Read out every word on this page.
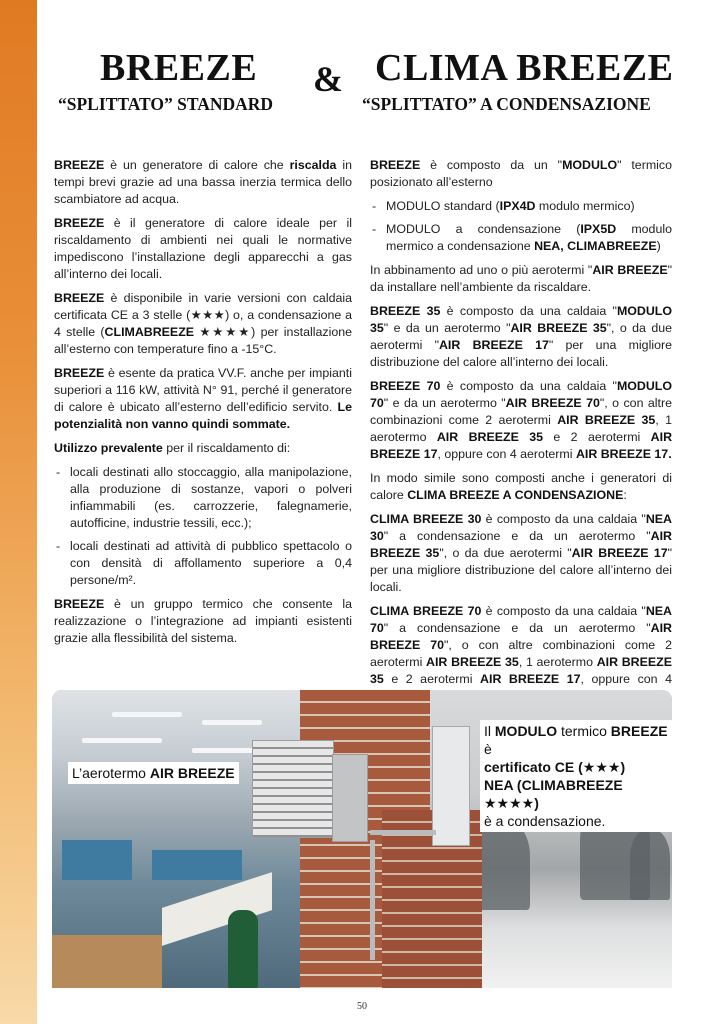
BREEZE & CLIMA BREEZE
“SPLITTATO” STANDARD	“SPLITTATO” A CONDENSAZIONE

BREEZE è un generatore di calore che riscalda in tempi brevi grazie ad una bassa inerzia termica dello scambiatore ad acqua.

BREEZE è il generatore di calore ideale per il riscaldamento di ambienti nei quali le normative impediscono l’installazione degli apparecchi a gas all’interno dei locali.

BREEZE è disponibile in varie versioni con caldaia certificata CE a 3 stelle (★★★) o, a condensazione a 4 stelle (CLIMABREEZE ★★★★) per installazione all’esterno con temperature fino a -15°C.

BREEZE è esente da pratica VV.F. anche per impianti superiori a 116 kW, attività N° 91, perché il generatore di calore è ubicato all’esterno dell’edificio servito. Le potenzialità non vanno quindi sommate.

Utilizzo prevalente per il riscaldamento di:

- locali destinati allo stoccaggio, alla manipolazione, alla produzione di sostanze, vapori o polveri infiammabili (es. carrozzerie, falegnamerie, autofficine, industrie tessili, ecc.);
- locali destinati ad attività di pubblico spettacolo o con densità di affollamento superiore a 0,4 persone/m².

BREEZE è un gruppo termico che consente la realizzazione o l’integrazione ad impianti esistenti grazie alla flessibilità del sistema.

BREEZE è composto da un "MODULO" termico posizionato all’esterno

- MODULO standard (IPX4D modulo mermico)
- MODULO a condensazione (IPX5D modulo mermico a condensazione NEA, CLIMABREEZE)

In abbinamento ad uno o più aerotermi "AIR BREEZE" da installare nell’ambiente da riscaldare.

BREEZE 35 è composto da una caldaia "MODULO 35" e da un aerotermo "AIR BREEZE 35", o da due aerotermi "AIR BREEZE 17" per una migliore distribuzione del calore all’interno dei locali.

BREEZE 70 è composto da una caldaia "MODULO 70" e da un aerotermo "AIR BREEZE 70", o con altre combinazioni come 2 aerotermi AIR BREEZE 35, 1 aerotermo AIR BREEZE 35 e 2 aerotermi AIR BREEZE 17, oppure con 4 aerotermi AIR BREEZE 17.

In modo simile sono composti anche i generatori di calore CLIMA BREEZE A CONDENSAZIONE:

CLIMA BREEZE 30 è composto da una caldaia "NEA 30" a condensazione e da un aerotermo "AIR BREEZE 35", o da due aerotermi "AIR BREEZE 17" per una migliore distribuzione del calore all’interno dei locali.

CLIMA BREEZE 70 è composto da una caldaia "NEA 70" a condensazione e da un aerotermo "AIR BREEZE 70", o con altre combinazioni come 2 aerotermi AIR BREEZE 35, 1 aerotermo AIR BREEZE 35 e 2 aerotermi AIR BREEZE 17, oppure con 4

L’aerotermo AIR BREEZE
Il MODULO termico BREEZE è
certificato CE (★★★)
NEA (CLIMABREEZE ★★★★)
è a condensazione.
50
